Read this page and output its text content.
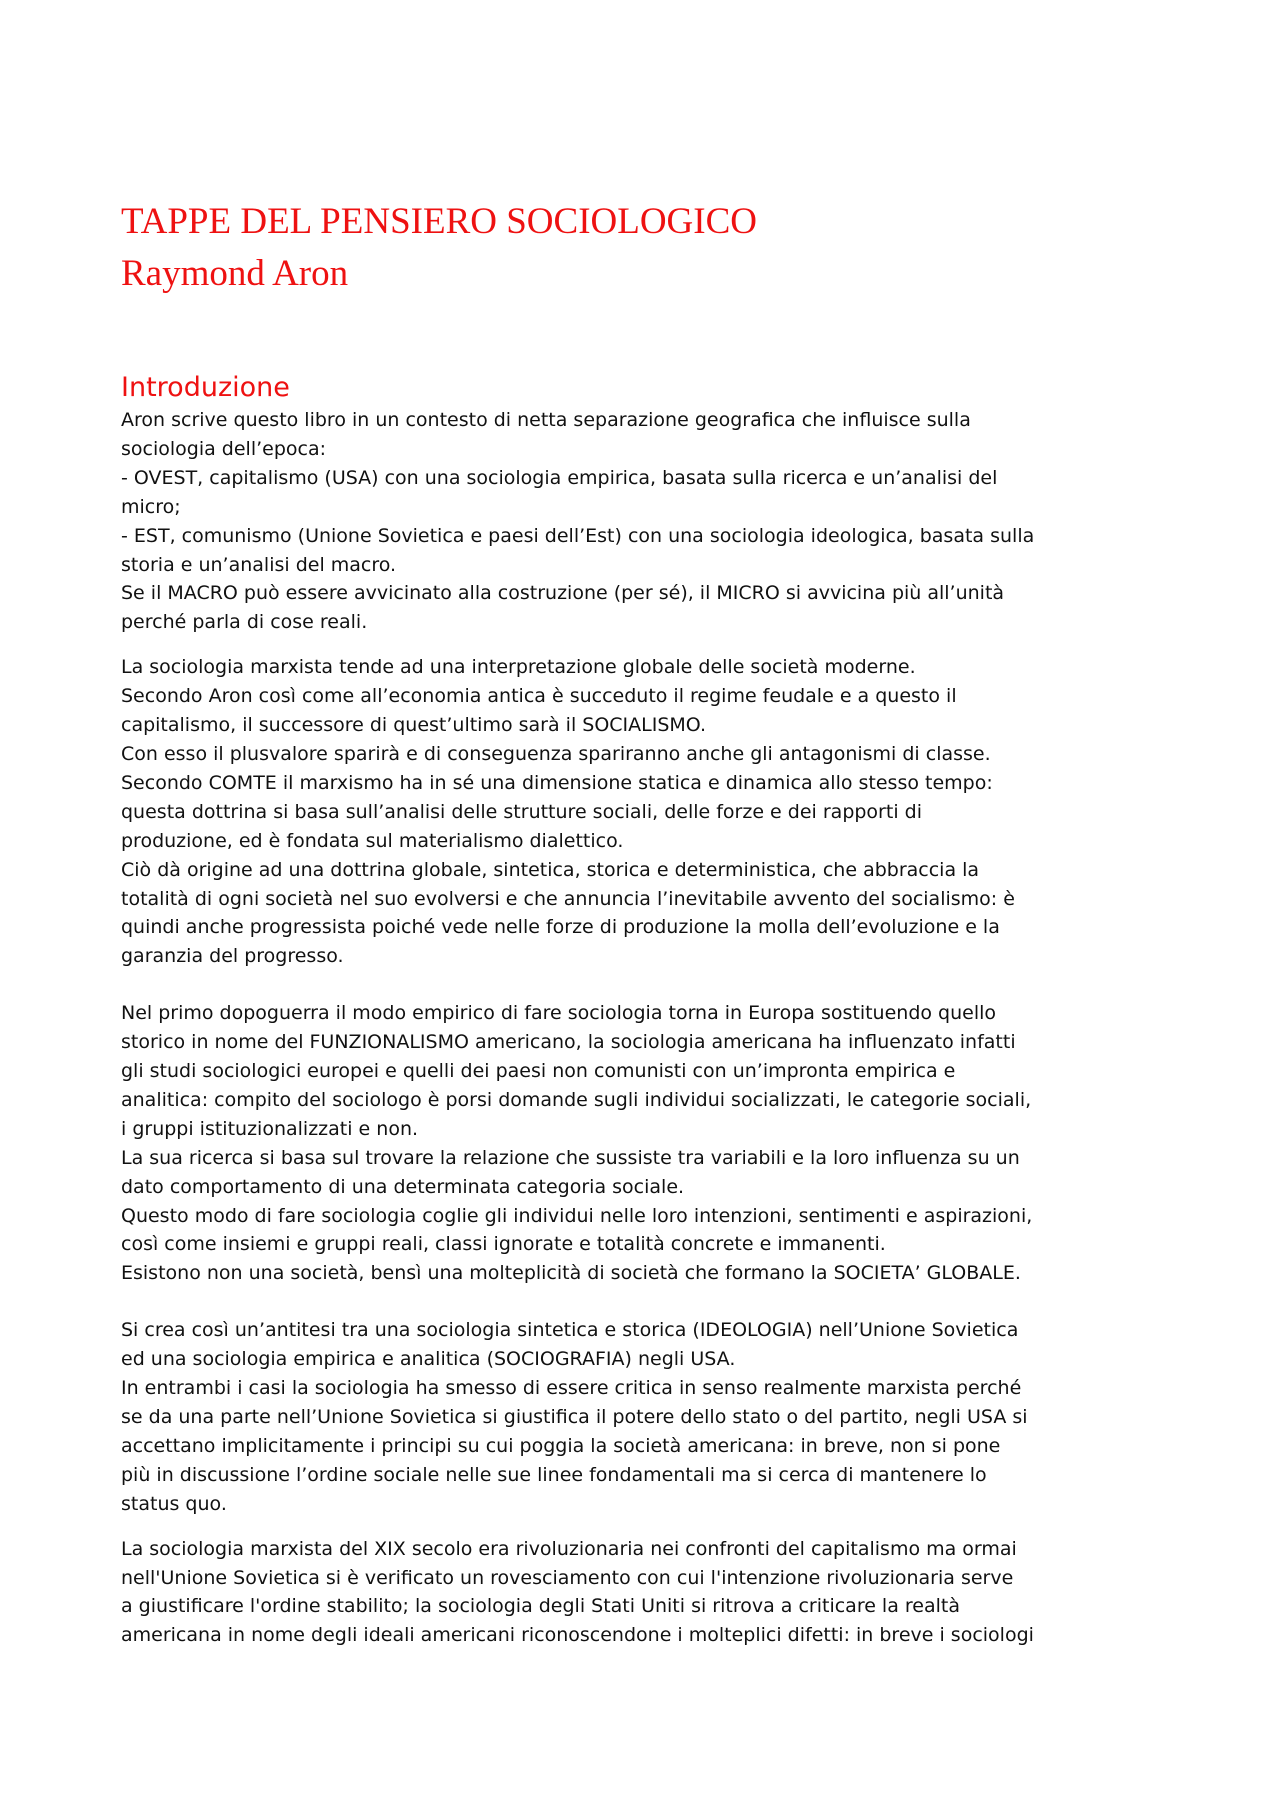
TAPPE DEL PENSIERO SOCIOLOGICO
Raymond Aron
Introduzione

Aron scrive questo libro in un contesto di netta separazione geografica che influisce sulla
sociologia dell’epoca:
- OVEST, capitalismo (USA) con una sociologia empirica, basata sulla ricerca e un’analisi del
micro;
- EST, comunismo (Unione Sovietica e paesi dell’Est) con una sociologia ideologica, basata sulla
storia e un’analisi del macro.
Se il MACRO può essere avvicinato alla costruzione (per sé), il MICRO si avvicina più all’unità
perché parla di cose reali.

La sociologia marxista tende ad una interpretazione globale delle società moderne.
Secondo Aron così come all’economia antica è succeduto il regime feudale e a questo il
capitalismo, il successore di quest’ultimo sarà il SOCIALISMO.
Con esso il plusvalore sparirà e di conseguenza spariranno anche gli antagonismi di classe.
Secondo COMTE il marxismo ha in sé una dimensione statica e dinamica allo stesso tempo:
questa dottrina si basa sull’analisi delle strutture sociali, delle forze e dei rapporti di
produzione, ed è fondata sul materialismo dialettico.
Ciò dà origine ad una dottrina globale, sintetica, storica e deterministica, che abbraccia la
totalità di ogni società nel suo evolversi e che annuncia l’inevitabile avvento del socialismo: è
quindi anche progressista poiché vede nelle forze di produzione la molla dell’evoluzione e la
garanzia del progresso.

Nel primo dopoguerra il modo empirico di fare sociologia torna in Europa sostituendo quello
storico in nome del FUNZIONALISMO americano, la sociologia americana ha influenzato infatti
gli studi sociologici europei e quelli dei paesi non comunisti con un’impronta empirica e
analitica: compito del sociologo è porsi domande sugli individui socializzati, le categorie sociali,
i gruppi istituzionalizzati e non.
La sua ricerca si basa sul trovare la relazione che sussiste tra variabili e la loro influenza su un
dato comportamento di una determinata categoria sociale.
Questo modo di fare sociologia coglie gli individui nelle loro intenzioni, sentimenti e aspirazioni,
così come insiemi e gruppi reali, classi ignorate e totalità concrete e immanenti.
Esistono non una società, bensì una molteplicità di società che formano la SOCIETA’ GLOBALE.

Si crea così un’antitesi tra una sociologia sintetica e storica (IDEOLOGIA) nell’Unione Sovietica
ed una sociologia empirica e analitica (SOCIOGRAFIA) negli USA.
In entrambi i casi la sociologia ha smesso di essere critica in senso realmente marxista perché
se da una parte nell’Unione Sovietica si giustifica il potere dello stato o del partito, negli USA si
accettano implicitamente i principi su cui poggia la società americana: in breve, non si pone
più in discussione l’ordine sociale nelle sue linee fondamentali ma si cerca di mantenere lo
status quo.

La sociologia marxista del XIX secolo era rivoluzionaria nei confronti del capitalismo ma ormai
nell'Unione Sovietica si è verificato un rovesciamento con cui l'intenzione rivoluzionaria serve
a giustificare l'ordine stabilito; la sociologia degli Stati Uniti si ritrova a criticare la realtà
americana in nome degli ideali americani riconoscendone i molteplici difetti: in breve i sociologi
